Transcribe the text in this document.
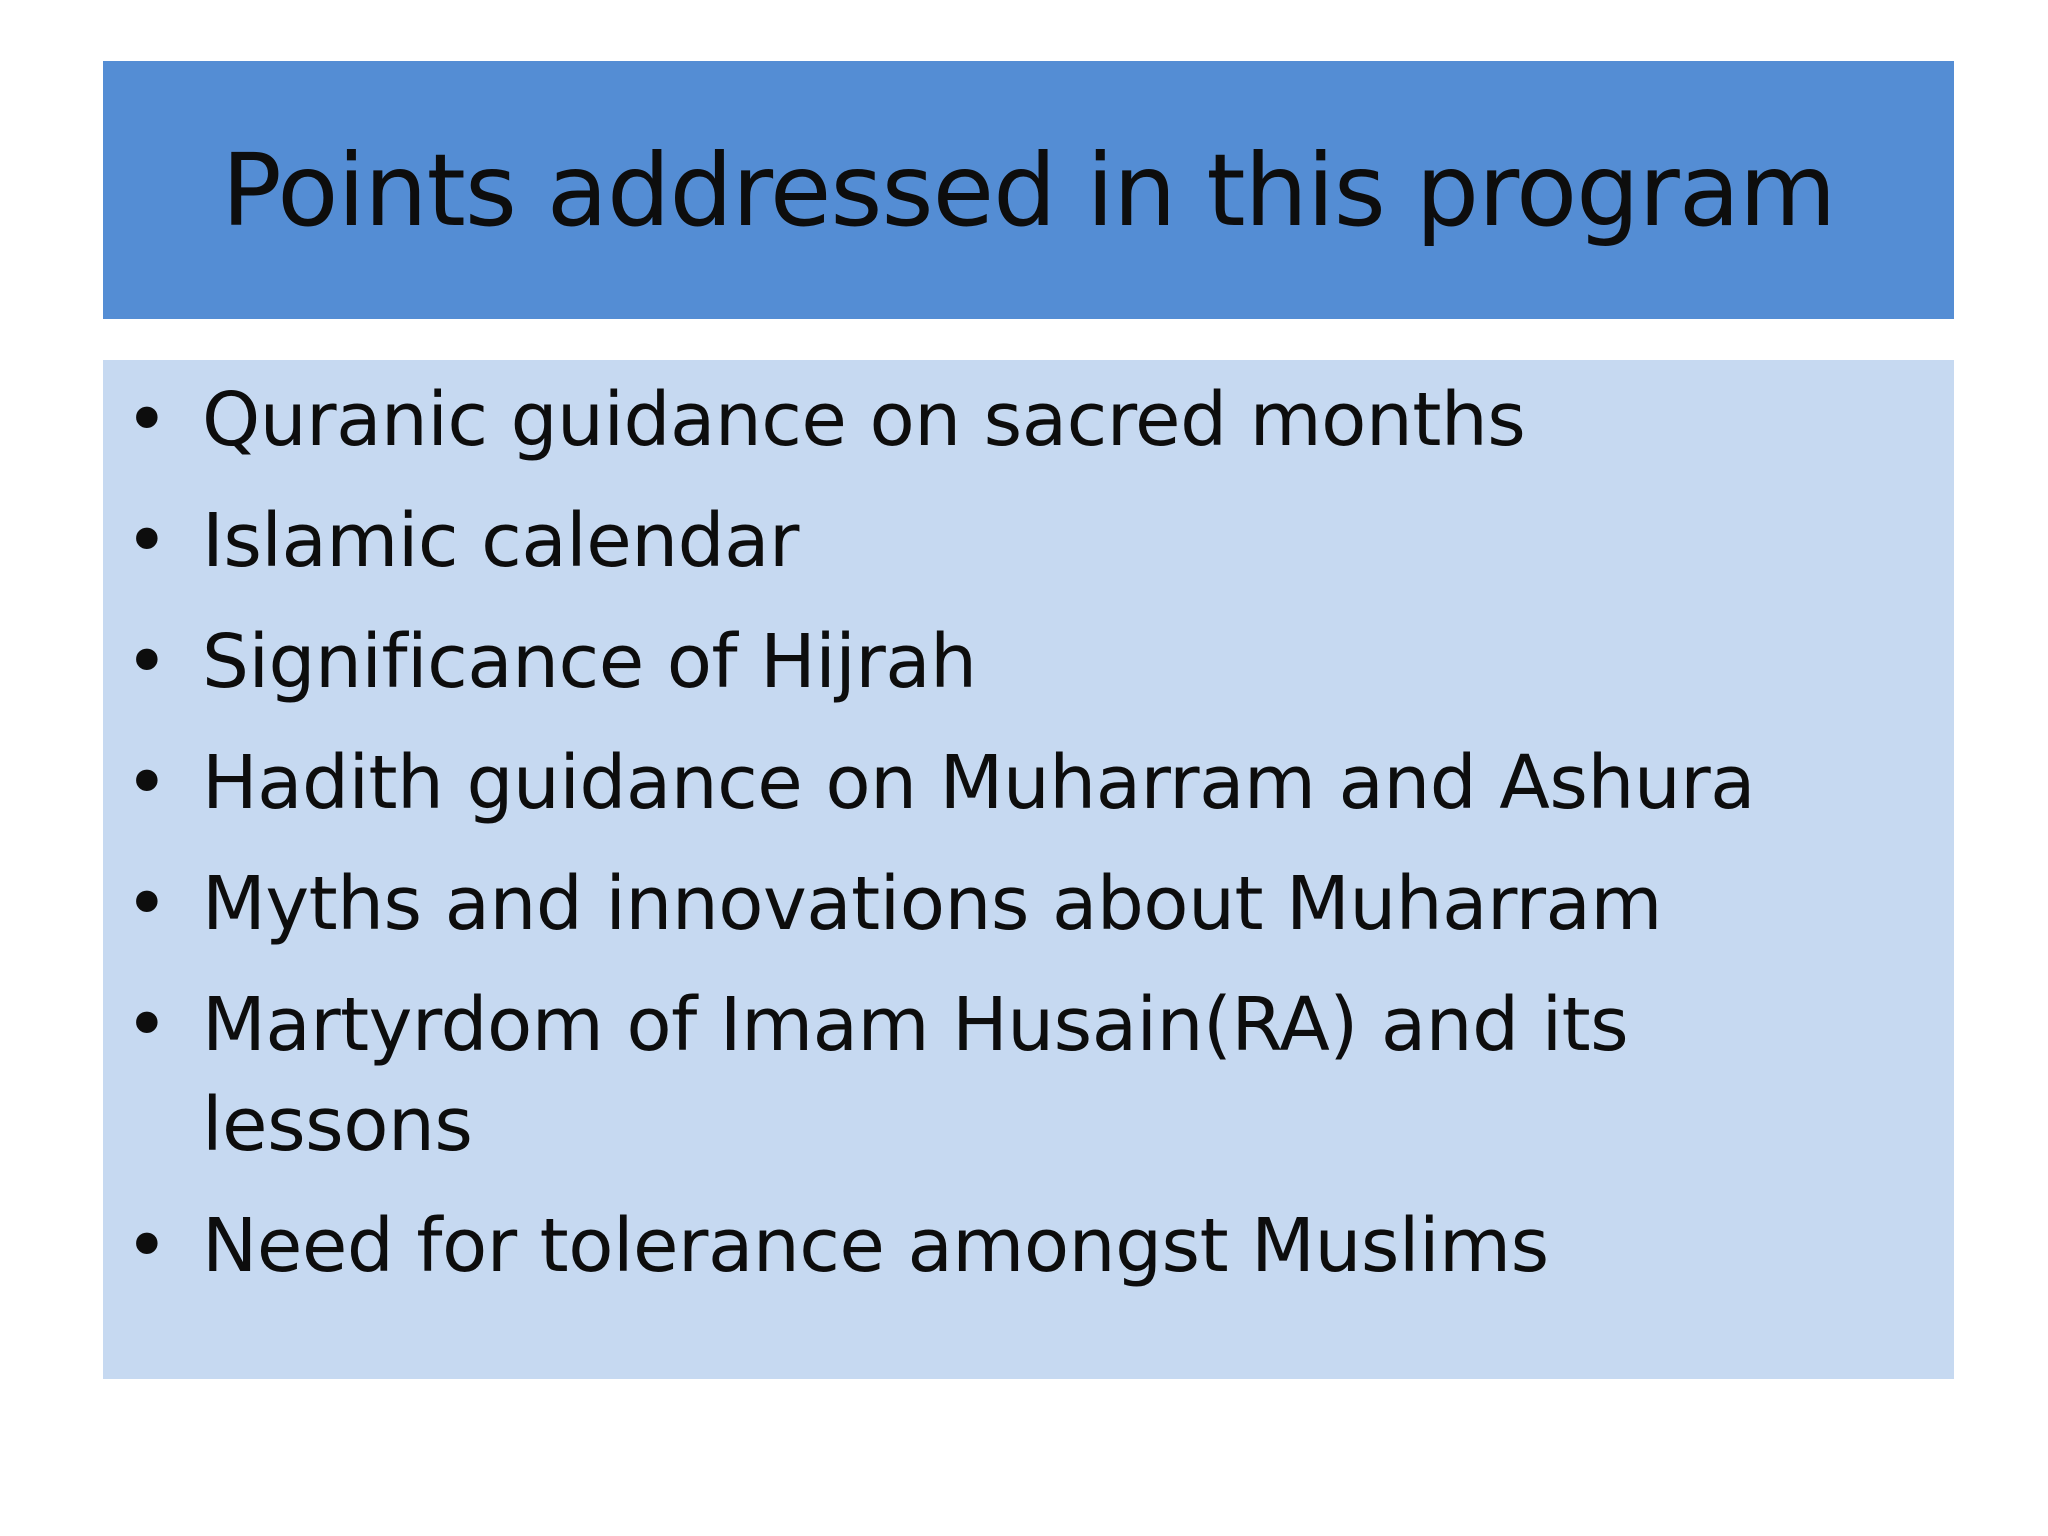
Points addressed in this program
• Quranic guidance on sacred months
• Islamic calendar
• Significance of Hijrah
• Hadith guidance on Muharram and Ashura
• Myths and innovations about Muharram
• Martyrdom of Imam Husain(RA) and its lessons
• Need for tolerance amongst Muslims
